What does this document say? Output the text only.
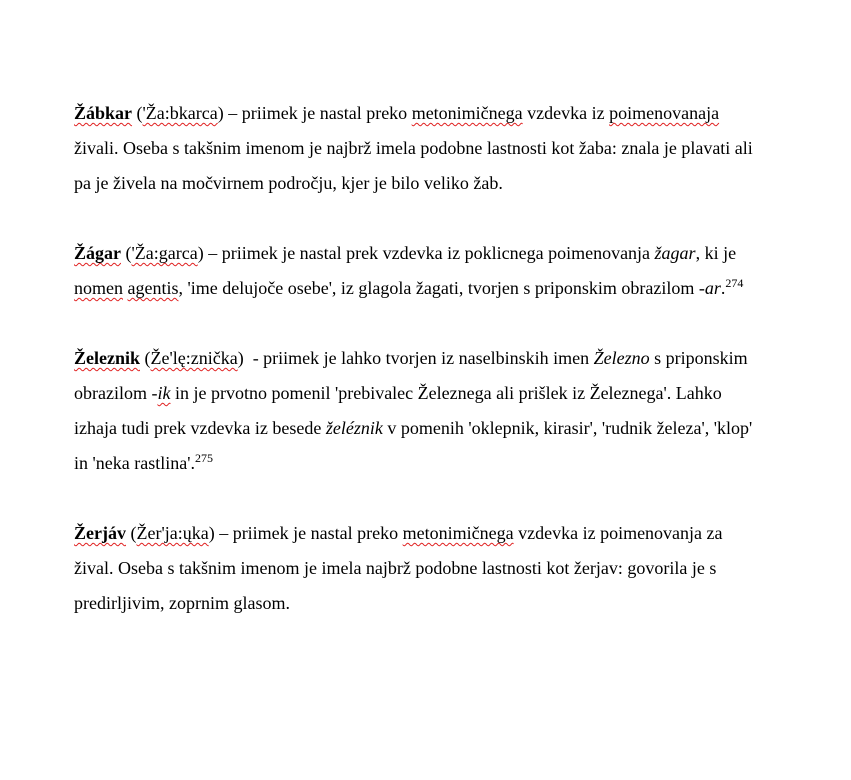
Žábkar ('Ža:bkarca) – priimek je nastal preko metonimičnega vzdevka iz poimenovanaja
živali. Oseba s takšnim imenom je najbrž imela podobne lastnosti kot žaba: znala je plavati ali
pa je živela na močvirnem področju, kjer je bilo veliko žab.

Žágar ('Ža:garca) – priimek je nastal prek vzdevka iz poklicnega poimenovanja žagar, ki je
nomen agentis, 'ime delujoče osebe', iz glagola žagati, tvorjen s priponskim obrazilom -ar.$^{274}$

Železnik (Že'lę:znička)  - priimek je lahko tvorjen iz naselbinskih imen Železno s priponskim
obrazilom -ik in je prvotno pomenil 'prebivalec Železnega ali prišlek iz Železnega'. Lahko
izhaja tudi prek vzdevka iz besede želéznik v pomenih 'oklepnik, kirasir', 'rudnik železa', 'klop'
in 'neka rastlina'.$^{275}$

Žerjáv (Žer'ja:ųka) – priimek je nastal preko metonimičnega vzdevka iz poimenovanja za
žival. Oseba s takšnim imenom je imela najbrž podobne lastnosti kot žerjav: govorila je s
predirljivim, zoprnim glasom.
